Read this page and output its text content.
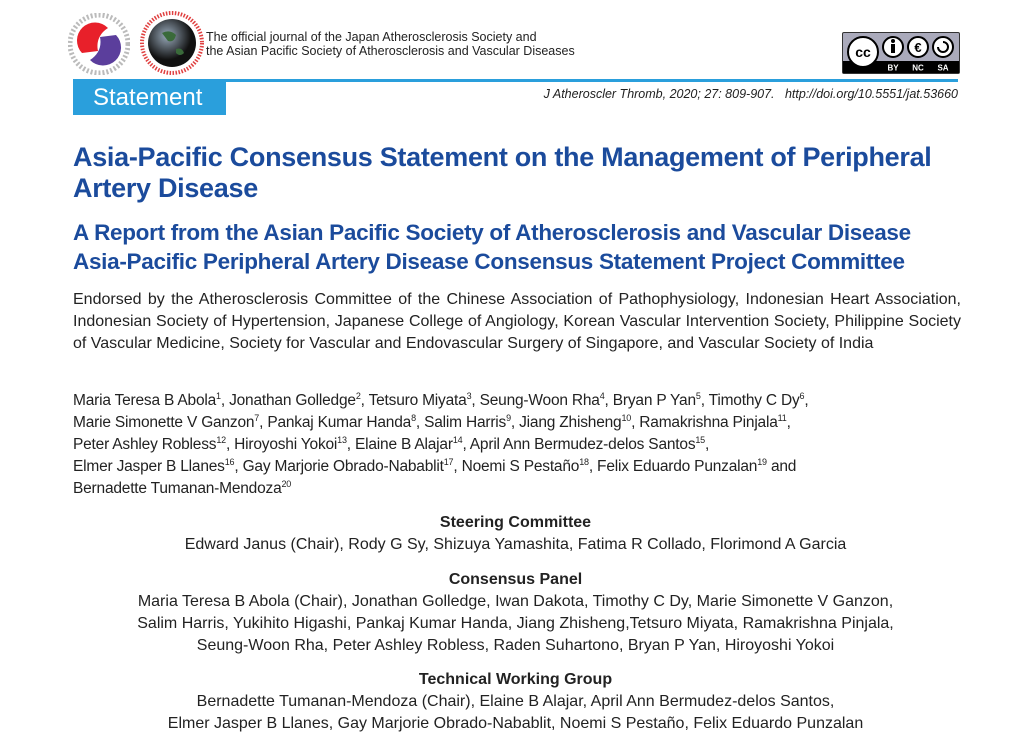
The official journal of the Japan Atherosclerosis Society and
the Asian Pacific Society of Atherosclerosis and Vascular Diseases	cc	€
BY NC SA
Statement	J Atheroscler Thromb, 2020; 27: 809-907.   http://doi.org/10.5551/jat.53660
Asia-Pacific Consensus Statement on the Management of Peripheral Artery Disease
A Report from the Asian Pacific Society of Atherosclerosis and Vascular Disease
Asia-Pacific Peripheral Artery Disease Consensus Statement Project Committee
Endorsed by the Atherosclerosis Committee of the Chinese Association of Pathophysiology, Indonesian Heart Association, Indonesian Society of Hypertension, Japanese College of Angiology, Korean Vascular Intervention Society, Philippine Society of Vascular Medicine, Society for Vascular and Endovascular Surgery of Singapore, and Vascular Society of India
Maria Teresa B Abola$^1$, Jonathan Golledge$^2$, Tetsuro Miyata$^3$, Seung-Woon Rha$^4$, Bryan P Yan$^5$, Timothy C Dy$^6$,
Marie Simonette V Ganzon$^7$, Pankaj Kumar Handa$^8$, Salim Harris$^9$, Jiang Zhisheng$^{10}$, Ramakrishna Pinjala$^{11}$,
Peter Ashley Robless$^{12}$, Hiroyoshi Yokoi$^{13}$, Elaine B Alajar$^{14}$, April Ann Bermudez-delos Santos$^{15}$,
Elmer Jasper B Llanes$^{16}$, Gay Marjorie Obrado-Nabablit$^{17}$, Noemi S Pestaño$^{18}$, Felix Eduardo Punzalan$^{19}$ and
Bernadette Tumanan-Mendoza$^{20}$
Steering Committee
Edward Janus (Chair), Rody G Sy, Shizuya Yamashita, Fatima R Collado, Florimond A Garcia
Consensus Panel
Maria Teresa B Abola (Chair), Jonathan Golledge, Iwan Dakota, Timothy C Dy, Marie Simonette V Ganzon,
Salim Harris, Yukihito Higashi, Pankaj Kumar Handa, Jiang Zhisheng,Tetsuro Miyata, Ramakrishna Pinjala,
Seung-Woon Rha, Peter Ashley Robless, Raden Suhartono, Bryan P Yan, Hiroyoshi Yokoi
Technical Working Group
Bernadette Tumanan-Mendoza (Chair), Elaine B Alajar, April Ann Bermudez-delos Santos,
Elmer Jasper B Llanes, Gay Marjorie Obrado-Nabablit, Noemi S Pestaño, Felix Eduardo Punzalan
